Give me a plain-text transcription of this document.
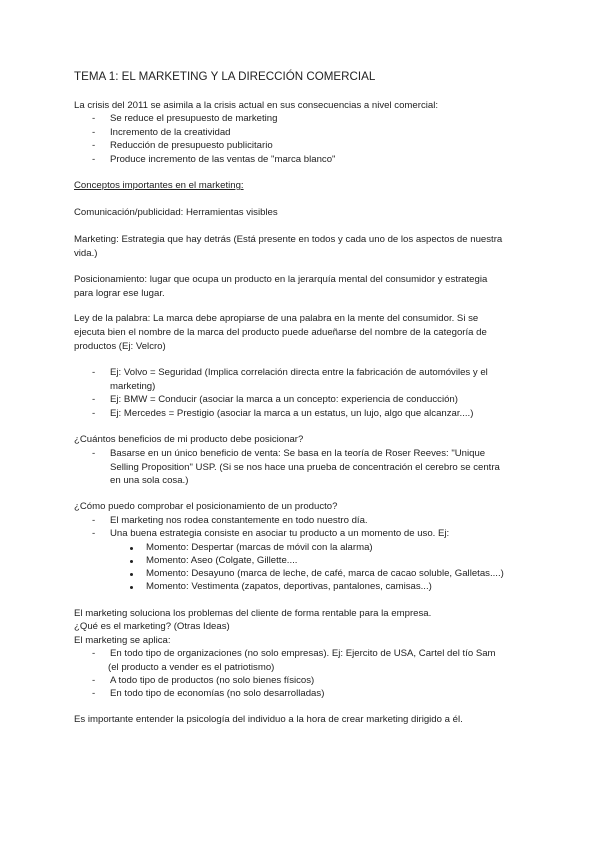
TEMA 1: EL MARKETING Y LA DIRECCIÓN COMERCIAL
La crisis del 2011 se asimila a la crisis actual en sus consecuencias a nivel comercial:
- Se reduce el presupuesto de marketing
- Incremento de la creatividad
- Reducción de presupuesto publicitario
- Produce incremento de las ventas de "marca blanco"
Conceptos importantes en el marketing:
Comunicación/publicidad: Herramientas visibles
Marketing: Estrategia que hay detrás (Está presente en todos y cada uno de los aspectos de nuestra
vida.)
Posicionamiento: lugar que ocupa un producto en la jerarquía mental del consumidor y estrategia
para lograr ese lugar.
Ley de la palabra: La marca debe apropiarse de una palabra en la mente del consumidor. Si se
ejecuta bien el nombre de la marca del producto puede adueñarse del nombre de la categoría de
productos (Ej: Velcro)
- Ej: Volvo = Seguridad (Implica correlación directa entre la fabricación de automóviles y el
marketing)
- Ej: BMW = Conducir (asociar la marca a un concepto: experiencia de conducción)
- Ej: Mercedes = Prestigio (asociar la marca a un estatus, un lujo, algo que alcanzar....)
¿Cuántos beneficios de mi producto debe posicionar?
- Basarse en un único beneficio de venta: Se basa en la teoría de Roser Reeves: "Unique
Selling Proposition" USP. (Si se nos hace una prueba de concentración el cerebro se centra
en una sola cosa.)
¿Cómo puedo comprobar el posicionamiento de un producto?
- El marketing nos rodea constantemente en todo nuestro día.
- Una buena estrategia consiste en asociar tu producto a un momento de uso. Ej:
Momento: Despertar (marcas de móvil con la alarma)
Momento: Aseo (Colgate, Gillette....
Momento: Desayuno (marca de leche, de café, marca de cacao soluble, Galletas....)
Momento: Vestimenta (zapatos, deportivas, pantalones, camisas...)
El marketing soluciona los problemas del cliente de forma rentable para la empresa.
¿Qué es el marketing? (Otras Ideas)
El marketing se aplica:
- En todo tipo de organizaciones (no solo empresas). Ej: Ejercito de USA, Cartel del tío Sam
(el producto a vender es el patriotismo)
- A todo tipo de productos (no solo bienes físicos)
- En todo tipo de economías (no solo desarrolladas)
Es importante entender la psicología del individuo a la hora de crear marketing dirigido a él.
